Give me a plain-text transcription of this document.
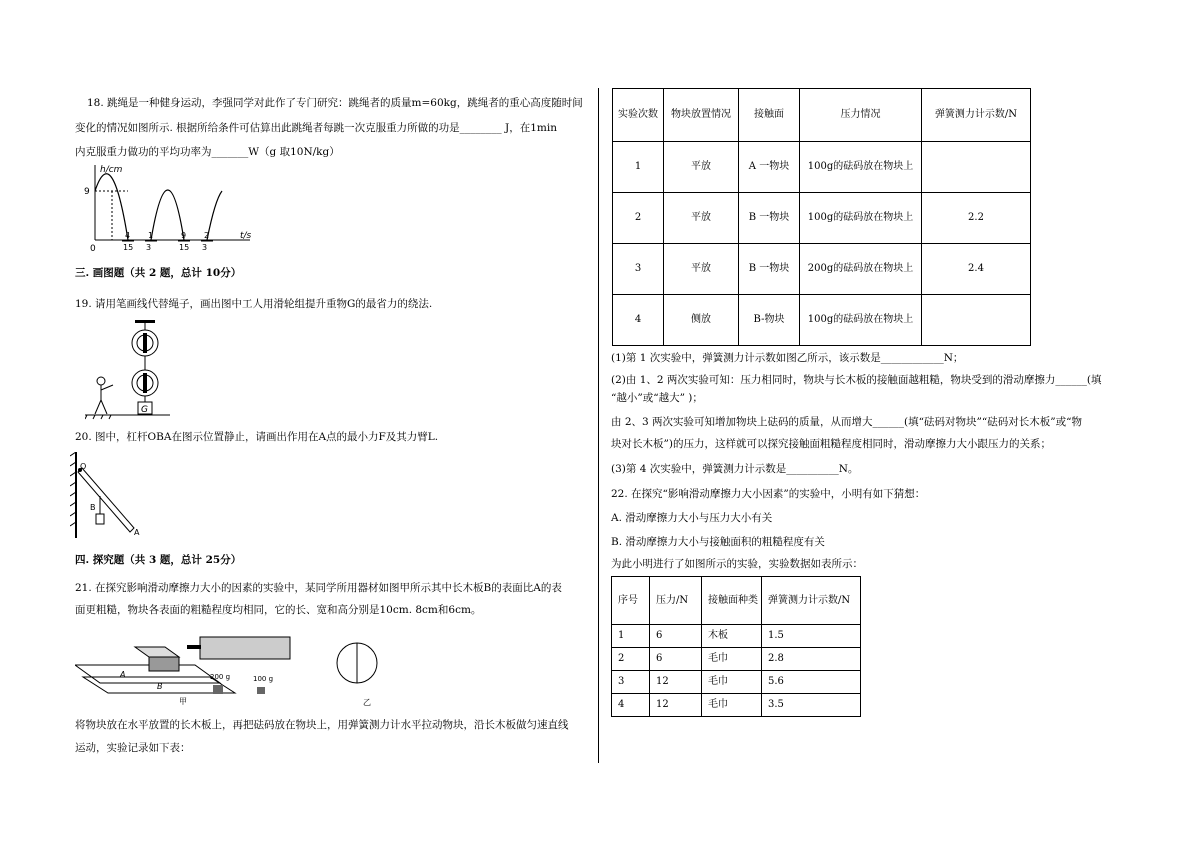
18. 跳绳是一种健身运动，李强同学对此作了专门研究：跳绳者的质量m=60kg，跳绳者的重心高度随时间
变化的情况如图所示. 根据所给条件可估算出此跳绳者每跳一次克服重力所做的功是________ J，在1min
内克服重力做功的平均功率为_______W（g 取10N/kg）
h/cm
9
0
t/s
4
15
1
3
9
15
2
3
三. 画图题（共 2 题，总计 10分）
19. 请用笔画线代替绳子，画出图中工人用滑轮组提升重物G的最省力的绕法.
G
20. 图中，杠杆OBA在图示位置静止，请画出作用在A点的最小力F及其力臂L.
O
B
A
四. 探究题（共 3 题，总计 25分）
21. 在探究影响滑动摩擦力大小的因素的实验中，某同学所用器材如图甲所示其中长木板B的表面比A的表
面更粗糙，物块各表面的粗糙程度均相同，它的长、宽和高分别是10cm. 8cm和6cm。
A
B
200 g	100 g
甲	乙
将物块放在水平放置的长木板上，再把砝码放在物块上，用弹簧测力计水平拉动物块，沿长木板做匀速直线
运动，实验记录如下表：
实验次数	物块放置情况	接触面	压力情况	弹簧测力计示数/N
1	平放	A 一物块	100g的砝码放在物块上	
2	平放	B 一物块	100g的砝码放在物块上	2.2
3	平放	B 一物块	200g的砝码放在物块上	2.4
4	侧放	B-物块	100g的砝码放在物块上	
(1)第 1 次实验中，弹簧测力计示数如图乙所示，该示数是____________N；
(2)由 1、2 两次实验可知：压力相同时，物块与长木板的接触面越粗糙，物块受到的滑动摩擦力______(填
“越小”或“越大” )；
由 2、3 两次实验可知增加物块上砝码的质量，从而增大______(填“砝码对物块”“砝码对长木板”或“物
块对长木板”)的压力，这样就可以探究接触面粗糙程度相同时，滑动摩擦力大小跟压力的关系；
(3)第 4 次实验中，弹簧测力计示数是__________N。
22. 在探究“影响滑动摩擦力大小因素”的实验中，小明有如下猜想：
A. 滑动摩擦力大小与压力大小有关
B. 滑动摩擦力大小与接触面积的粗糙程度有关
为此小明进行了如图所示的实验，实验数据如表所示：
序号	压力/N	接触面种类	弹簧测力计示数/N
1	6	木板	1.5
2	6	毛巾	2.8
3	12	毛巾	5.6
4	12	毛巾	3.5
